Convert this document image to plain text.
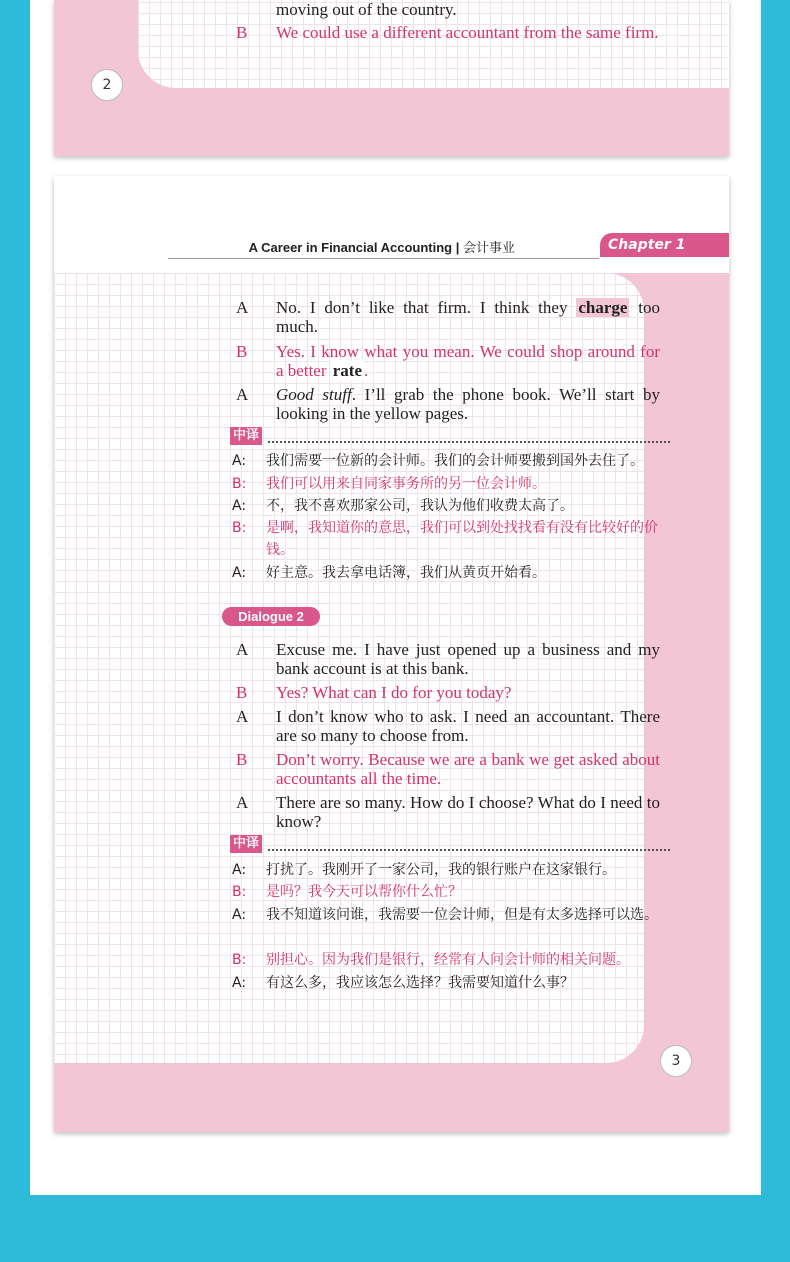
moving out of the country.
B	We could use a different accountant from the same firm.
2
A Career in Financial Accounting | 会计事业	Chapter 1
A	No. I don’t like that firm. I think they charge too much.
B	Yes. I know what you mean. We could shop around for a better rate .
A	Good stuff. I’ll grab the phone book. We’ll start by looking in the yellow pages.
中译
A: 我们需要一位新的会计师。我们的会计师要搬到国外去住了。
B: 我们可以用来自同家事务所的另一位会计师。
A: 不，我不喜欢那家公司，我认为他们收费太高了。
B: 是啊，我知道你的意思，我们可以到处找找看有没有比较好的价钱。
A: 好主意。我去拿电话簿，我们从黄页开始看。
Dialogue 2
A	Excuse me. I have just opened up a business and my bank account is at this bank.
B	Yes? What can I do for you today?
A	I don’t know who to ask. I need an accountant. There are so many to choose from.
B	Don’t worry. Because we are a bank we get asked about accountants all the time.
A	There are so many. How do I choose? What do I need to know?
中译
A: 打扰了。我刚开了一家公司，我的银行账户在这家银行。
B: 是吗？我今天可以帮你什么忙？
A: 我不知道该问谁，我需要一位会计师，但是有太多选择可以选。
B: 别担心。因为我们是银行，经常有人问会计师的相关问题。
A: 有这么多，我应该怎么选择？我需要知道什么事？
3
